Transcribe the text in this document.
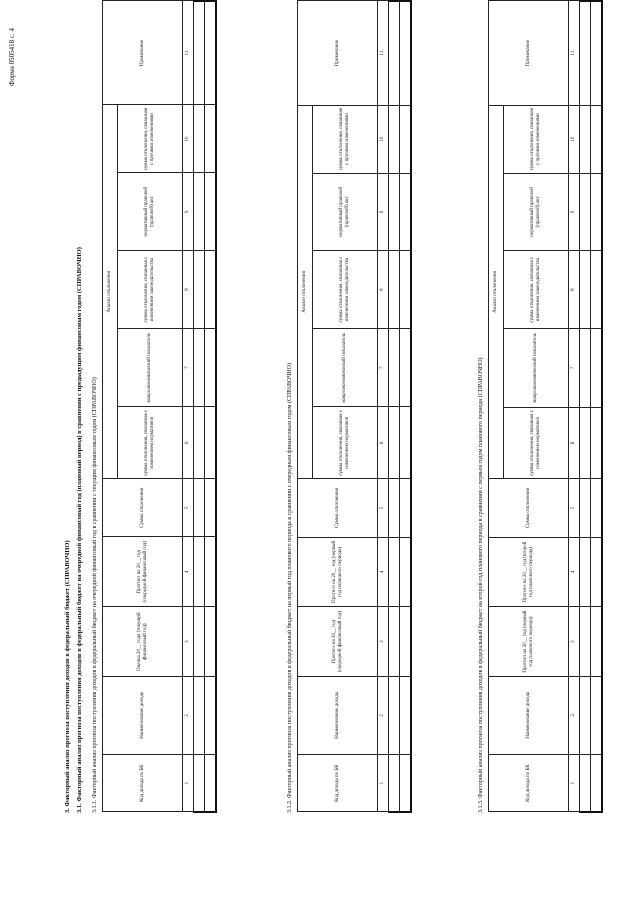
Форма 0505418 с. 4
3. Факторный анализ прогноза поступления доходов в федеральный бюджет (СПРАВОЧНО) 3.1. Факторный анализ прогноза поступления доходов в федеральный бюджет на очередной финансовый год (плановый период) в сравнении с предыдущим финансовым годом (СПРАВОЧНО) 3.1.1. Факторный анализ прогноза поступления доходов в федеральный бюджет на очередной финансовый год в сравнении с текущим финансовым годом (СПРАВОЧНО)	Код дохода по БК	Наименование дохода	Оценка 20__ года (текущий финансовый год)	Прогноз на 20__ год (очередной финансовый год)	Сумма отклонения	Анализ отклонения					Примечание
					сумма отклонения, связанная с изменением нормативов	макроэкономический показатель	сумма отклонения, связанная с изменением законодательства	нормативный правовой (правовой) акт	сумма отклонения, связанная с прочими изменениями	
1	2	3	4	5	6	7	8	9	10	11

3.1.2. Факторный анализ прогноза поступления доходов в федеральный бюджет на первый год планового периода в сравнении с очередным финансовым годом (СПРАВОЧНО)	Код дохода по БК	Наименование дохода	Прогноз на 20__ год (очередной финансовый год)	Прогноз на 20__ год (первый год планового периода)	Сумма отклонения	Анализ отклонения					Примечание
					сумма отклонения, связанная с изменением нормативов	макроэкономический показатель	сумма отклонения, связанная с изменением законодательства	нормативный правовой (правовой) акт	сумма отклонения, связанная с прочими изменениями	
1	2	3	4	5	6	7	8	9	10	11

3.1.3. Факторный анализ прогноза поступления доходов в федеральный бюджет на второй год планового периода в сравнении с первым годом планового периода (СПРАВОЧНО)	Код дохода по БК	Наименование дохода	Прогноз на 20__ год (первый год планового периода)	Прогноз на 20__ год (второй год планового периода)	Сумма отклонения	Анализ отклонения					Примечание
					сумма отклонения, связанная с изменением нормативов	макроэкономический показатель	сумма отклонения, связанная с изменением законодательства	нормативный правовой (правовой) акт	сумма отклонения, связанная с прочими изменениями	
1	2	3	4	5	6	7	8	9	10	11
